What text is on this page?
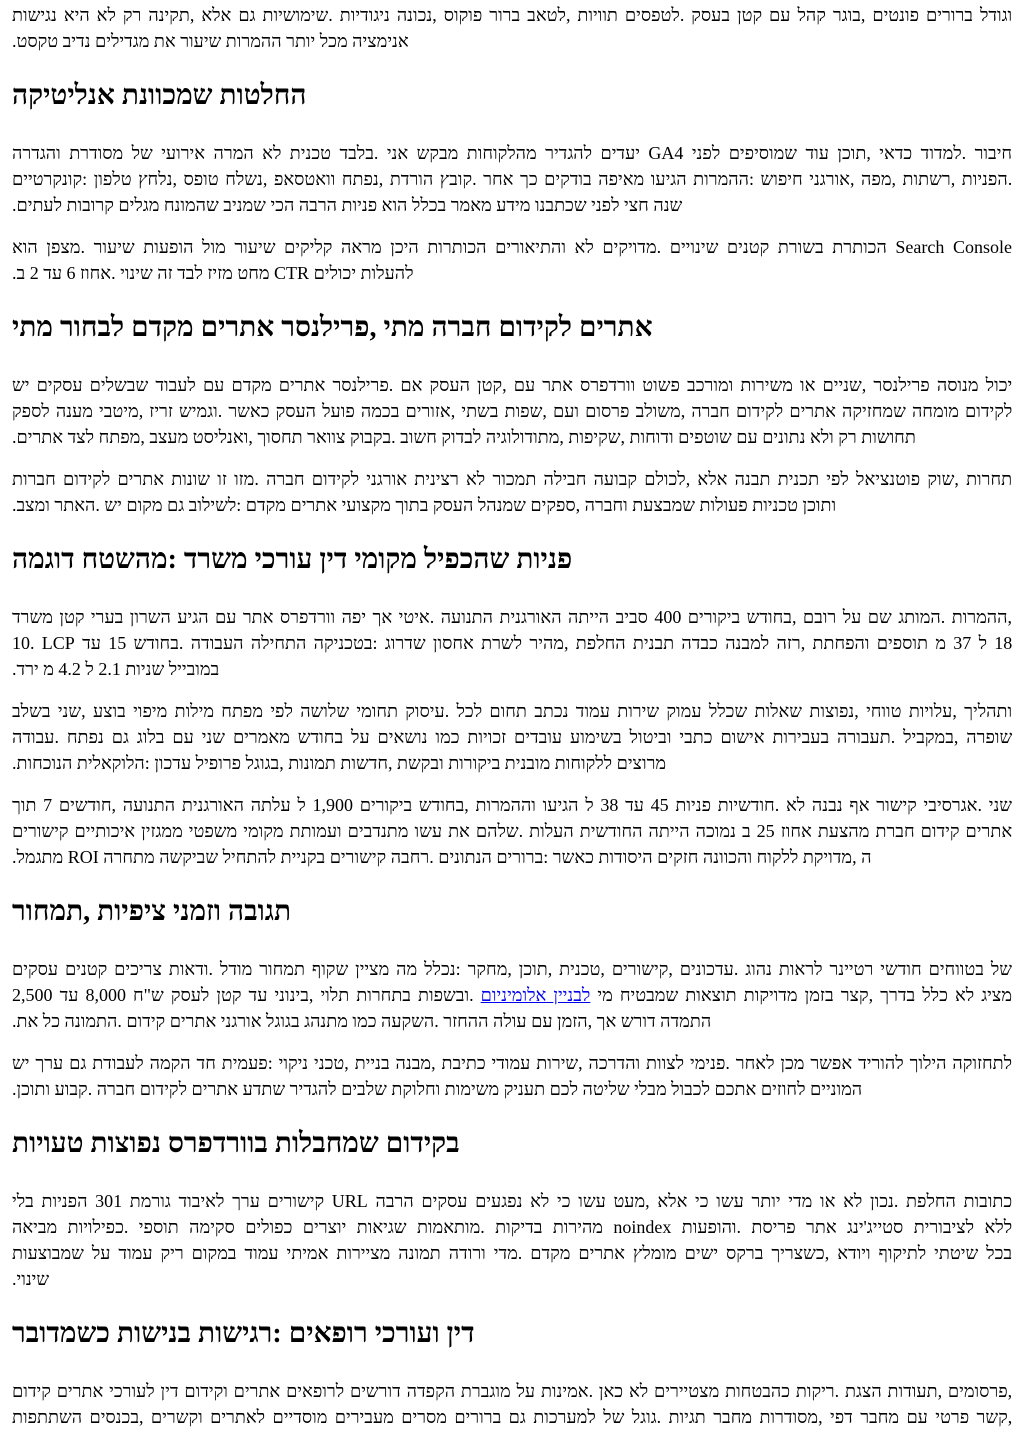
נגישות היא לא רק תקינה, אלא גם שימושיות. ניגודיות נכונה, פוקוס ברור לטאב, תוויות לטפסים. בעסק קטן עם קהל בוגר, פונטים ברורים וגודל
.טקסט נדיב מגדילים את שיעור ההמרות יותר מכל אנימציה

אנליטיקה שמכוונת החלטות

והגדרה מסודרת של אירועי המרה לא טכנית בלבד. אני מבקש מהלקוחות להגדיר יעדים GA4 לפני שמוסיפים עוד תוכן, כדאי למדוד. חיבור
קונקרטיים: טלפון נלחץ, טופס נשלח, וואטסאפ נפתח, הורדת קובץ. אחר כך בודקים מאיפה הגיעו ההמרות: חיפוש אורגני, מפה, רשתות, הפניות.
.לעתים קרובות מגלים שהמונח שמניב הכי הרבה פניות הוא בכלל מאמר מידע שכתבנו לפני חצי שנה

הוא מצפן. שיעור הופעות מול שיעור קליקים מראה היכן הכותרות והתיאורים לא מדויקים. שינויים קטנים בשורת הכותרת Search Console
.ב 2 עד 6 אחוז. שינוי זה לבד מזיז מחט CTR יכולים להעלות

מתי לבחור מקדם אתרים פרילנסר, מתי חברה לקידום אתרים

יש עסקים שבשלים לעבוד עם מקדם אתרים פרילנסר. אם העסק קטן, עם אתר וורדפרס פשוט ומורכב משירות או שניים, פרילנסר מנוסה יכול
לספק מענה מיטבי, זריז וגמיש. כאשר העסק פועל בכמה אזורים, בשתי שפות, ועם פרסום משולב, חברה לקידום אתרים שמחזיקה מומחה לקידום
.אתרים לצד מפתח, מעצב ואנליסט, תחסוך צוואר בקבוק. חשוב לבדוק מתודולוגיה, שקיפות, ודוחות שוטפים עם נתונים ולא רק תחושות

חברות לקידום אתרים שונות זו מזו. חברה לקידום אורגני רצינית לא תמכור חבילה קבועה לכולם, אלא תבנה תכנית לפי פוטנציאל שוק, תחרות
.ומצב האתר. יש מקום גם לשילוב: מקדם אתרים מקצועי בתוך העסק שמנהל ספקים, וחברה שמבצעת פעולות טכניות ותוכן

דוגמה מהשטח: משרד עורכי דין מקומי שהכפיל פניות

משרד קטן בערי השרון הגיע עם אתר וורדפרס יפה אך איטי. התנועה האורגנית הייתה סביב 400 ביקורים בחודש, רובם על שם המותג. ההמרות,
10. LCP עד 15 בחודש. העבודה התחילה בטכניקה: שדרוג אחסון לשרת מהיר, החלפת תבנית כבדה למבנה רזה, והפחתת תוספים מ 37 ל 18
.ירד מ 4.2 ל 2.1 שניות במובייל

בשלב שני, בוצע מיפוי מילות מפתח לפי שלושה תחומי עיסוק. לכל תחום נכתב עמוד שירות עמוק שכלל שאלות נפוצות, טווחי עלויות, ותהליך
עבודה. נפתח גם בלוג עם שני מאמרים בחודש על נושאים כמו זכויות עובדים בשימוע וביטול כתבי אישום בעבירות תעבורה. במקביל, שופרה
.הנוכחות הלוקאלית: עדכון פרופיל בגוגל, תמונות חדשות, ובקשת ביקורות מובנית ללקוחות מרוצים

תוך 7 חודשים, התנועה האורגנית עלתה ל 1,900 ביקורים בחודש, וההמרות הגיעו ל 38 עד 45 פניות חודשיות. לא נבנה אף קישור אגרסיבי. שני
קישורים איכותיים ממגזין משפטי מקומי ועמותת מתנדבים עשו את שלהם. העלות החודשית הייתה נמוכה ב 25 אחוז מהצעת חברת קידום אתרים
.מתגמל ROI מתחרה שביקשה להתחיל בקניית קישורים רחבה. הנתונים ברורים: כאשר היסודות חזקים והכוונה ללקוח מדויקת, ה

תמחור, ציפיות וזמני תגובה

עסקים קטנים צריכים ודאות. מודל תמחור שקוף מציין מה נכלל: מחקר, תוכן, טכנית, קישורים, עדכונים. נהוג לראות רטיינר חודשי בטווחים של
2,500 עד 8,000 ש"ח לעסק קטן עד בינוני, תלוי בתחרות ובשפות. אלומיניום לבניין מי שמבטיח תוצאות מדויקות בזמן קצר, בדרך כלל לא מציג
.את כל התמונה. קידום אתרים אורגני בגוגל מתנהג כמו השקעה. ההחזר עולה עם הזמן, אך דורש התמדה

יש ערך גם לעבודת הקמה חד פעמית: ניקוי טכני, בניית מבנה, כתיבת עמודי שירות, והדרכה לצוות פנימי. לאחר מכן אפשר להוריד הילוך לתחזוקה
.ותוכן קבוע. חברה לקידום אתרים שתדע להגדיר שלבים וחלוקת משימות תעניק לכם שליטה מבלי לכבול אתכם לחוזים המוניים

טעויות נפוצות בוורדפרס שמחבלות בקידום

בלי הפניות 301 גורמת לאיבוד ערך קישורים URL הרבה עסקים נפגעים לא כי עשו מעט, אלא כי עשו יותר מדי או לא נכון. החלפת כתובות
מביאה כפילויות. תוספי סקימה כפולים יוצרים שגיאות מותאמות. בדיקות מהירות noindex והופעות. פריסת אתר סטייג'ינג לציבורית ללא
שמבוצעות על עמוד ריק במקום עמוד אמיתי מציירות תמונה ורודה מדי. מקדם אתרים מומלץ ישים ברקס כשצריך, ויודא לתיקוף שיטתי בכל
.שינוי

כשמדובר בנישות רגישות: רופאים ועורכי דין

קידום אתרים לעורכי דין וקידום אתרים לרופאים דורשים הקפדה מוגברת על אמינות. כאן לא מצטיירים כהבטחות ריקות. הצגת תעודות, פרסומים,
השתתפות בכנסים, וקשרים לאתרים מוסדיים מעבירים מסרים ברורים גם למערכות של גוגל. תגיות מחבר מסודרות, דפי מחבר עם פרטי קשר,
